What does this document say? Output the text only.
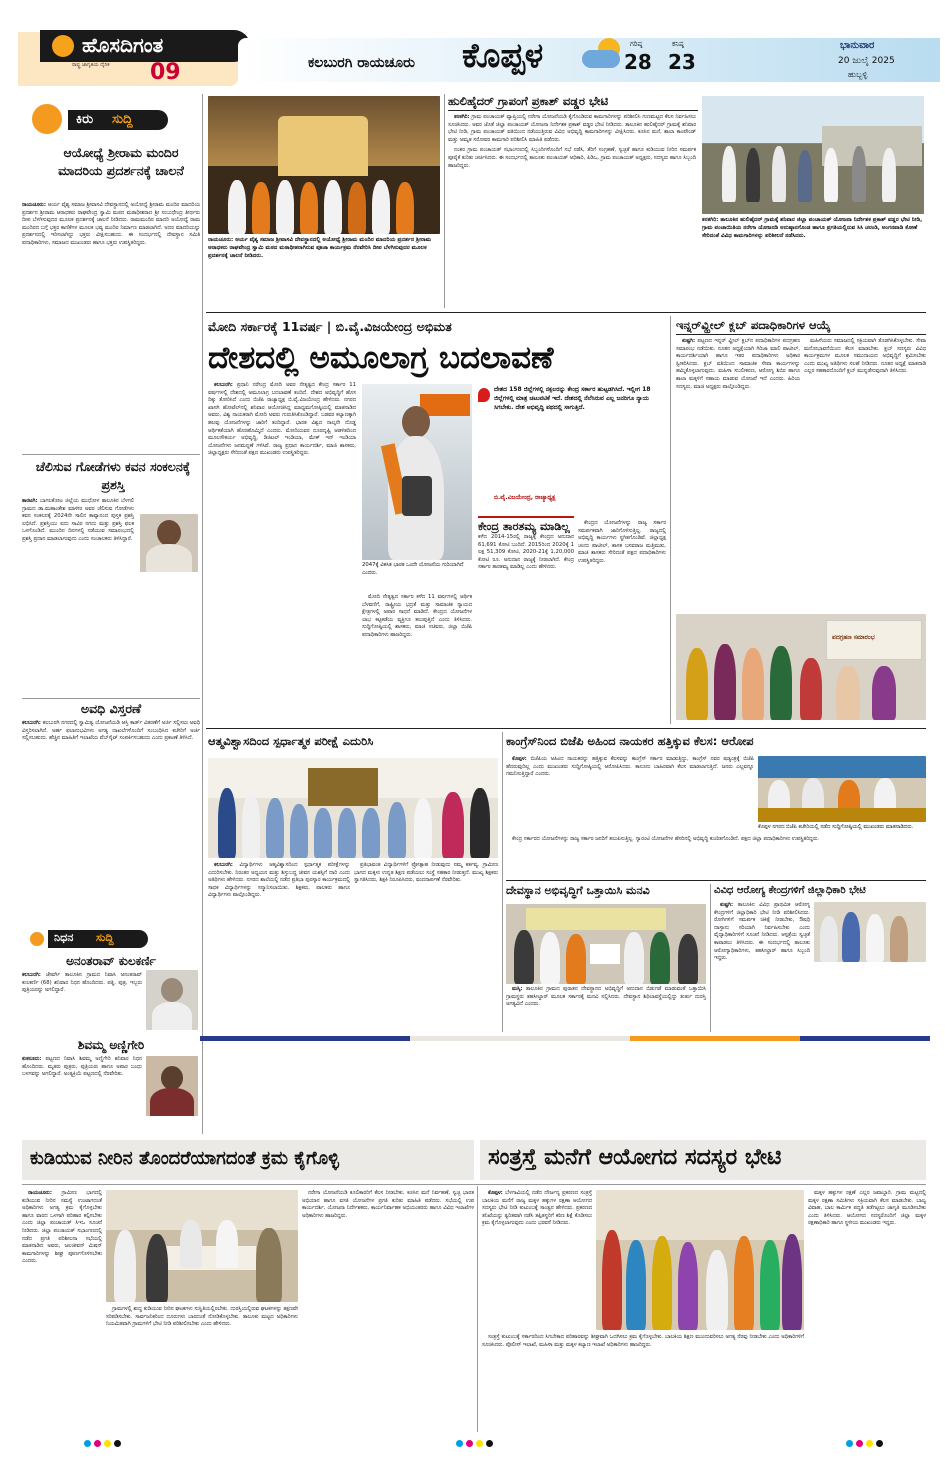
ಹೊಸದಿಗಂತ
ರಾಷ್ಟ್ರ ಜಾಗೃತಿಯ ದೈನಿಕ 09	ಕಲಬುರಗಿ ರಾಯಚೂರು ಕೊಪ್ಪಳ	ಗರಿಷ್ಠ
28
ಕನಿಷ್ಠ
23
ಭಾನುವಾರ
20 ಜುಲೈ 2025
ಹುಬ್ಬಳ್ಳಿ
ಕಿರು ಸುದ್ದಿ
ಆಯೋಧ್ಯೆ ಶ್ರೀರಾಮ ಮಂದಿರ ಮಾದರಿಯ ಪ್ರದರ್ಶನಕ್ಕೆ ಚಾಲನೆ
ರಾಯಚೂರು: ಆರ್ಯ ವೈಶ್ಯ ಸಮಾಜ ಶ್ರೀವಾಸವಿ ದೇವಸ್ಥಾನದಲ್ಲಿ ಅಯೋಧ್ಯೆ ಶ್ರೀರಾಮ ಮಂದಿರ ಮಾದರಿಯ ಪ್ರದರ್ಶನ ಶ್ರೀರಾಮ ಆರಾಧಕರು ರಾಘವೇಂದ್ರ ಸ್ವಾಮಿ ಮಠದ ಮಠಾಧೀಶರಾದ ಶ್ರೀ ಸುಬುಧೇಂದ್ರ ತೀರ್ಥರು ದೀಪ ಬೆಳಗಿಸುವುದರ ಮೂಲಕ ಪ್ರದರ್ಶನಕ್ಕೆ ಚಾಲನೆ ನೀಡಿದರು. ರಾಮಮಂದಿರ ಮಾದರಿ ಅಯೋಧ್ಯೆ ರಾಮ ಮಂದಿರದ ಬಗ್ಗೆ ಭಕ್ತರ ಕಾಣಿಕೆಗಳ ಮೂಲಕ ಭವ್ಯ ಮಂದಿರ ನಿರ್ಮಾಣ ಮಾಡಲಾಗಿದೆ. ಅದರ ಮಾದರಿಯನ್ನು ಪ್ರದರ್ಶನದಲ್ಲಿ ಇರಿಸಲಾಗಿದ್ದು ಭಕ್ತರು ವೀಕ್ಷಿಸಬಹುದು. ಈ ಸಂದರ್ಭದಲ್ಲಿ ದೇವಸ್ಥಾನ ಸಮಿತಿ ಪದಾಧಿಕಾರಿಗಳು, ಸಮಾಜದ ಮುಖಂಡರು ಹಾಗೂ ಭಕ್ತರು ಉಪಸ್ಥಿತರಿದ್ದರು.
ಚೆಲಿಸುವ ಗೋಡೆಗಳು ಕವನ ಸಂಕಲನಕ್ಕೆ ಪ್ರಶಸ್ತಿ
ಕಾರಟಗಿ: ಬಾಗಲಕೋಟ ಜಿಲ್ಲೆಯ ಮುಧೋಳ ತಾಲೂಕಿನ ಬೆಳಗಲಿ ಗ್ರಾಮದ ಡಾ.ಮಹಾಂತೇಶ ಮಾಳೀರ ಅವರ ಚೆಲಿಸುವ ಗೋಡೆಗಳು ಕವನ ಸಂಕಲನಕ್ಕೆ 2024ನೇ ಸಾಲಿನ ಕಾವ್ಯಾನಂದ ಪುಸ್ತಕ ಪ್ರಶಸ್ತಿ ಲಭಿಸಿದೆ. ಪ್ರಶಸ್ತಿಯು ಐದು ಸಾವಿರ ನಗದು ಮತ್ತು ಪ್ರಶಸ್ತಿ ಫಲಕ ಒಳಗೊಂಡಿದೆ. ಮುಂದಿನ ದಿನಗಳಲ್ಲಿ ನಡೆಯುವ ಸಮಾರಂಭದಲ್ಲಿ ಪ್ರಶಸ್ತಿ ಪ್ರದಾನ ಮಾಡಲಾಗುವುದು ಎಂದು ಸಂಚಾಲಕರು ತಿಳಿಸಿದ್ದಾರೆ.
ಅವಧಿ ವಿಸ್ತರಣೆ
ಕಲಬುರಗಿ: ಕಲಬುರಗಿ ನಗರದಲ್ಲಿ ಸ್ವಾಮಿತ್ವ ಯೋಜನೆಯಡಿ ಆಸ್ತಿ ಕಾರ್ಡ್ ವಿತರಣೆಗೆ ಅರ್ಜಿ ಸಲ್ಲಿಸಲು ಅವಧಿ ವಿಸ್ತರಿಸಲಾಗಿದೆ. ಅರ್ಹ ಫಲಾನುಭವಿಗಳು ಅಗತ್ಯ ದಾಖಲೆಗಳೊಂದಿಗೆ ಸಂಬಂಧಿಸಿದ ಕಚೇರಿಗೆ ಅರ್ಜಿ ಸಲ್ಲಿಸಬಹುದು. ಹೆಚ್ಚಿನ ಮಾಹಿತಿಗೆ ಇಲಾಖೆಯ ವೆಬ್‌ಸೈಟ್ ಸಂಪರ್ಕಿಸಬಹುದು ಎಂದು ಪ್ರಕಟಣೆ ತಿಳಿಸಿದೆ.
ನಿಧನ ಸುದ್ದಿ
ಅನಂತರಾವ್ ಕುಲಕರ್ಣಿ
ಕಲಬುರಗಿ: ಜೇವರ್ಗಿ ತಾಲೂಕಿನ ಗ್ರಾಮದ ನಿವಾಸಿ ಅನಂತರಾವ್ ಕುಲಕರ್ಣಿ (68) ಶನಿವಾರ ನಿಧನ ಹೊಂದಿದರು. ಪತ್ನಿ, ಪುತ್ರ, ಇಬ್ಬರು ಪುತ್ರಿಯರನ್ನು ಅಗಲಿದ್ದಾರೆ.
ಶಿವಮ್ಮ ಅಣ್ಣಿಗೇರಿ
ಕುಕನೂರು: ಪಟ್ಟಣದ ನಿವಾಸಿ ಶಿವಮ್ಮ ಅಣ್ಣಿಗೇರಿ ಶನಿವಾರ ನಿಧನ ಹೊಂದಿದರು. ಮೃತರು ಪುತ್ರರು, ಪುತ್ರಿಯರು ಹಾಗೂ ಅಪಾರ ಬಂಧು ಬಳಗವನ್ನು ಅಗಲಿದ್ದಾರೆ. ಅಂತ್ಯಕ್ರಿಯೆ ಪಟ್ಟಣದಲ್ಲಿ ನೆರವೇರಿತು.
ರಾಯಚೂರು: ಆರ್ಯ ವೈಶ್ಯ ಸಮಾಜ ಶ್ರೀವಾಸವಿ ದೇವಸ್ಥಾನದಲ್ಲಿ ಅಯೋಧ್ಯೆ ಶ್ರೀರಾಮ ಮಂದಿರ ಮಾದರಿಯ ಪ್ರದರ್ಶನ ಶ್ರೀರಾಮ ಆರಾಧಕರು ರಾಘವೇಂದ್ರ ಸ್ವಾಮಿ ಮಠದ ಮಠಾಧೀಶರಾಗಿರುವ ಪೂಜಾ ಕಾರ್ಯಕ್ರಮ ನೆರವೇರಿಸಿ ದೀಪ ಬೆಳಗಿಸುವುದರ ಮೂಲಕ ಪ್ರದರ್ಶನಕ್ಕೆ ಚಾಲನೆ ನೀಡಿದರು.
ಹುಲಿಹೈದರ್ ಗ್ರಾಪಂಗೆ ಪ್ರಕಾಶ್ ವಡ್ಡರ ಭೇಟಿ

ಕನಕಗಿರಿ: ಗ್ರಾಮ ಪಂಚಾಯತ್ ವ್ಯಾಪ್ತಿಯಲ್ಲಿ ನರೇಗಾ ಯೋಜನೆಯಡಿ ಕೈಗೊಂಡಿರುವ ಕಾಮಗಾರಿಗಳನ್ನು ಪರಿಶೀಲಿಸಿ ಗುಣಮಟ್ಟದ ಕೆಲಸ ನಿರ್ವಹಿಸಲು ಸೂಚಿಸಿದರು. ಅವರ ಜೊತೆ ಜಿಲ್ಲಾ ಪಂಚಾಯತ್ ಯೋಜನಾ ನಿರ್ದೇಶಕ ಪ್ರಕಾಶ್ ವಡ್ಡರ ಭೇಟಿ ನೀಡಿದರು. ತಾಲೂಕಿನ ಹುಲಿಹೈದರ್ ಗ್ರಾಮಕ್ಕೆ ಶನಿವಾರ ಭೇಟಿ ನೀಡಿ, ಗ್ರಾಮ ಪಂಚಾಯತ್ ವತಿಯಿಂದ ನಡೆಯುತ್ತಿರುವ ವಿವಿಧ ಅಭಿವೃದ್ಧಿ ಕಾಮಗಾರಿಗಳನ್ನು ವೀಕ್ಷಿಸಿದರು. ಕೂಸಿನ ಮನೆ, ಶಾಲಾ ಕಾಂಪೌಂಡ್ ಮತ್ತು ಅಮೃತ ಸರೋವರ ಕಾಮಗಾರಿ ಪರಿಶೀಲಿಸಿ ಮಾಹಿತಿ ಪಡೆದರು.

ನಂತರ ಗ್ರಾಮ ಪಂಚಾಯತ್ ಸಭಾಂಗಣದಲ್ಲಿ ಸಿಬ್ಬಂದಿಗಳೊಂದಿಗೆ ಸಭೆ ನಡೆಸಿ, ತೆರಿಗೆ ಸಂಗ್ರಹಣೆ, ಸ್ವಚ್ಛತೆ ಹಾಗೂ ಕುಡಿಯುವ ನೀರಿನ ಸಮರ್ಪಕ ಪೂರೈಕೆ ಕುರಿತು ಚರ್ಚಿಸಿದರು. ಈ ಸಂದರ್ಭದಲ್ಲಿ ತಾಲೂಕು ಪಂಚಾಯತ್ ಅಧಿಕಾರಿ, ಪಿಡಿಒ, ಗ್ರಾಮ ಪಂಚಾಯತ್ ಅಧ್ಯಕ್ಷರು, ಸದಸ್ಯರು ಹಾಗೂ ಸಿಬ್ಬಂದಿ ಹಾಜರಿದ್ದರು.

ಕನಕಗಿರಿ: ತಾಲೂಕಿನ ಹುಲಿಹೈದರ್ ಗ್ರಾಮಕ್ಕೆ ಶನಿವಾರ ಜಿಲ್ಲಾ ಪಂಚಾಯತ್ ಯೋಜನಾ ನಿರ್ದೇಶಕ ಪ್ರಕಾಶ್ ವಡ್ಡರ ಭೇಟಿ ನೀಡಿ, ಗ್ರಾಮ ಪಂಚಾಯಿತಿಯ ನರೇಗಾ ಯೋಜನಡಿ ಅನುಷ್ಠಾನಗೊಂಡ ಹಾಗೂ ಪ್ರಗತಿಯಲ್ಲಿರುವ ಸಿಸಿ ಚರಂಡಿ, ಅಂಗನವಾಡಿ ಕೋಣೆ ಸೇರಿದಂತೆ ವಿವಿಧ ಕಾಮಗಾರಿಗಳನ್ನು ಪರಿಶೀಲನೆ ನಡೆಸಿದರು.
ಮೋದಿ ಸರ್ಕಾರಕ್ಕೆ 11ವರ್ಷ | ಬಿ.ವೈ.ವಿಜಯೇಂದ್ರ ಅಭಿಮತ
ದೇಶದಲ್ಲಿ ಅಮೂಲಾಗ್ರ ಬದಲಾವಣೆ

ಕಲಬುರಗಿ: ಪ್ರಧಾನಿ ನರೇಂದ್ರ ಮೋದಿ ಅವರ ನೇತೃತ್ವದ ಕೇಂದ್ರ ಸರ್ಕಾರ 11 ವರ್ಷಗಳಲ್ಲಿ ದೇಶದಲ್ಲಿ ಅಮೂಲಾಗ್ರ ಬದಲಾವಣೆ ತಂದಿದೆ. ದೇಶದ ಅಭಿವೃದ್ಧಿಗೆ ಹೊಸ ದಿಕ್ಕು ತೋರಿಸಿದೆ ಎಂದು ಬಿಜೆಪಿ ರಾಜ್ಯಾಧ್ಯಕ್ಷ ಬಿ.ವೈ.ವಿಜಯೇಂದ್ರ ಹೇಳಿದರು. ನಗರದ ಖಾಸಗಿ ಹೋಟೆಲ್‌ನಲ್ಲಿ ಶನಿವಾರ ಆಯೋಜಿಸಿದ್ದ ಮಾಧ್ಯಮಗೋಷ್ಠಿಯಲ್ಲಿ ಮಾತನಾಡಿದ ಅವರು, ವಿಶ್ವ ನಾಯಕರಾಗಿ ಮೋದಿ ಅವರು ಗುರುತಿಸಿಕೊಂಡಿದ್ದಾರೆ. ಬಡವರ ಕಲ್ಯಾಣಕ್ಕಾಗಿ ಹಲವು ಯೋಜನೆಗಳನ್ನು ಜಾರಿಗೆ ತಂದಿದ್ದಾರೆ. ಭಾರತ ವಿಶ್ವದ ನಾಲ್ಕನೇ ದೊಡ್ಡ ಆರ್ಥಿಕತೆಯಾಗಿ ಹೊರಹೊಮ್ಮಿದೆ ಎಂದರು. ಮೋದಿಯವರ ದೂರದೃಷ್ಟಿ ಆಡಳಿತದಿಂದ ಮೂಲಸೌಕರ್ಯ ಅಭಿವೃದ್ಧಿ, ಡಿಜಿಟಲ್ ಇಂಡಿಯಾ, ಮೇಕ್ ಇನ್ ಇಂಡಿಯಾ ಯೋಜನೆಗಳು ಜನಮನ್ನಣೆ ಗಳಿಸಿವೆ. ರಾಜ್ಯ ಪ್ರಧಾನ ಕಾರ್ಯದರ್ಶಿ, ಮಾಜಿ ಶಾಸಕರು, ಜಿಲ್ಲಾಧ್ಯಕ್ಷರು ಸೇರಿದಂತೆ ಪಕ್ಷದ ಮುಖಂಡರು ಉಪಸ್ಥಿತರಿದ್ದರು.

2047ಕ್ಕೆ ವಿಕಸಿತ ಭಾರತ ಒಂದೇ ಯೋಜನೆಯ ಗುರಿಯಾಗಿದೆ ಎಂದರು.

ಮೋದಿ ನೇತೃತ್ವದ ಸರ್ಕಾರ ಕಳೆದ 11 ವರ್ಷಗಳಲ್ಲಿ ಆರ್ಥಿಕ ಬೆಳವಣಿಗೆ, ರಾಷ್ಟ್ರೀಯ ಭದ್ರತೆ ಮತ್ತು ಸಾಮಾಜಿಕ ನ್ಯಾಯದ ಕ್ಷೇತ್ರಗಳಲ್ಲಿ ಅಪಾರ ಸಾಧನೆ ಮಾಡಿದೆ. ಕೇಂದ್ರದ ಯೋಜನೆಗಳ ಲಾಭ ಕಟ್ಟಕಡೆಯ ವ್ಯಕ್ತಿಗೂ ತಲುಪುತ್ತಿದೆ ಎಂದು ತಿಳಿಸಿದರು. ಸುದ್ದಿಗೋಷ್ಠಿಯಲ್ಲಿ ಶಾಸಕರು, ಮಾಜಿ ಸಚಿವರು, ಜಿಲ್ಲಾ ಬಿಜೆಪಿ ಪದಾಧಿಕಾರಿಗಳು ಹಾಜರಿದ್ದರು.

ದೇಶದ 158 ಜಿಲ್ಲೆಗಳಲ್ಲಿ ನಕ್ಸಲರನ್ನು ಕೇಂದ್ರ ಸರ್ಕಾರ ಹುಟ್ಟಡಗಿಸಿದೆ. ಇಲ್ಲೀಗ 18 ಜಿಲ್ಲೆಗಳಲ್ಲಿ ಮಾತ್ರ ಚಟುವಟಿಕೆ ಇದೆ. ದೇಶದಲ್ಲಿ ನೆಲೆಸಿರುವ ಎಲ್ಲ ಜನರಿಗೂ ನ್ಯಾಯ ಸಿಗಬೇಕು. ದೇಶ ಅಭಿವೃದ್ಧಿ ಪಥದಲ್ಲಿ ಸಾಗುತ್ತಿದೆ.
ಬಿ.ವೈ.ವಿಜಯೇಂದ್ರ, ರಾಜ್ಯಾಧ್ಯಕ್ಷ
ಕೇಂದ್ರ ತಾರತಮ್ಯ ಮಾಡಿಲ್ಲ
ಕಳೆದ 2014-15ರಲ್ಲಿ ರಾಜ್ಯಕ್ಕೆ ಕೇಂದ್ರದ ಅನುದಾನ 61,691 ಕೋಟಿ ಬಂದಿದೆ. 2015ರಿಂದ 2020ಕ್ಕೆ 1 ಲಕ್ಷ 51,309 ಕೋಟಿ, 2020-21ಕ್ಕೆ 1,20,000 ಕೋಟಿ ರೂ. ಅನುದಾನ ರಾಜ್ಯಕ್ಕೆ ನೀಡಲಾಗಿದೆ. ಕೇಂದ್ರ ಸರ್ಕಾರ ತಾರತಮ್ಯ ಮಾಡಿಲ್ಲ ಎಂದು ಹೇಳಿದರು.

ಕೇಂದ್ರದ ಯೋಜನೆಗಳನ್ನು ರಾಜ್ಯ ಸರ್ಕಾರ ಸಮರ್ಪಕವಾಗಿ ಜಾರಿಗೊಳಿಸುತ್ತಿಲ್ಲ. ರಾಜ್ಯದಲ್ಲಿ ಅಭಿವೃದ್ಧಿ ಕಾರ್ಯಗಳು ಸ್ಥಗಿತಗೊಂಡಿವೆ. ಜಿಲ್ಲಾಧ್ಯಕ್ಷ ಚಂದು ಪಾಟೀಲ್, ಶಾಸಕ ಬಸವರಾಜ ಮತ್ತಿಮಡು, ಮಾಜಿ ಶಾಸಕರು ಸೇರಿದಂತೆ ಪಕ್ಷದ ಪದಾಧಿಕಾರಿಗಳು ಉಪಸ್ಥಿತರಿದ್ದರು.

ಇನ್ನರ್‌ವ್ಹೀಲ್ ಕ್ಲಬ್ ಪದಾಧಿಕಾರಿಗಳ ಆಯ್ಕೆ

ಕುಷ್ಟಗಿ: ಪಟ್ಟಣದ ಇನ್ನರ್ ವ್ಹೀಲ್ ಕ್ಲಬ್‌ನ ಪದಾಧಿಕಾರಿಗಳ ಪದಗ್ರಹಣ ಸಮಾರಂಭ ನಡೆಯಿತು. ನೂತನ ಅಧ್ಯಕ್ಷೆಯಾಗಿ ಗಿರಿಜಾ ಮಾಲಿ ಪಾಟೀಲ್, ಕಾರ್ಯದರ್ಶಿಯಾಗಿ ಹಾಗೂ ಇತರ ಪದಾಧಿಕಾರಿಗಳು ಅಧಿಕಾರ ಸ್ವೀಕರಿಸಿದರು. ಕ್ಲಬ್ ವತಿಯಿಂದ ಸಾಮಾಜಿಕ ಸೇವಾ ಕಾರ್ಯಗಳನ್ನು ಹಮ್ಮಿಕೊಳ್ಳಲಾಗುವುದು. ಮಹಿಳಾ ಸಬಲೀಕರಣ, ಆರೋಗ್ಯ ಶಿಬಿರ ಹಾಗೂ ಶಾಲಾ ಮಕ್ಕಳಿಗೆ ಸಹಾಯ ಮಾಡುವ ಯೋಜನೆ ಇದೆ ಎಂದರು. ಹಿರಿಯ ಸದಸ್ಯರು, ಮಾಜಿ ಅಧ್ಯಕ್ಷರು ಪಾಲ್ಗೊಂಡಿದ್ದರು.

ಮಹಿಳೆಯರು ಸಮಾಜದಲ್ಲಿ ಸಕ್ರಿಯವಾಗಿ ತೊಡಗಿಸಿಕೊಳ್ಳಬೇಕು. ಸೇವಾ ಮನೋಭಾವನೆಯಿಂದ ಕೆಲಸ ಮಾಡಬೇಕು. ಕ್ಲಬ್ ಸದಸ್ಯರು ವಿವಿಧ ಕಾರ್ಯಕ್ರಮಗಳ ಮೂಲಕ ಸಮುದಾಯದ ಅಭಿವೃದ್ಧಿಗೆ ಶ್ರಮಿಸಬೇಕು ಎಂದು ಮುಖ್ಯ ಅತಿಥಿಗಳು ಸಲಹೆ ನೀಡಿದರು. ನೂತನ ಅಧ್ಯಕ್ಷೆ ಮಾತನಾಡಿ ಎಲ್ಲರ ಸಹಕಾರದೊಂದಿಗೆ ಕ್ಲಬ್ ಮುನ್ನಡೆಸುವುದಾಗಿ ತಿಳಿಸಿದರು.

ಪದಗ್ರಹಣ ಸಮಾರಂಭ
ಆತ್ಮವಿಶ್ವಾಸದಿಂದ ಸ್ಪರ್ಧಾತ್ಮಕ ಪರೀಕ್ಷೆ ಎದುರಿಸಿ

ಕಲಬುರಗಿ: ವಿದ್ಯಾರ್ಥಿಗಳು ಆತ್ಮವಿಶ್ವಾಸದಿಂದ ಸ್ಪರ್ಧಾತ್ಮಕ ಪರೀಕ್ಷೆಗಳನ್ನು ಎದುರಿಸಬೇಕು. ನಿರಂತರ ಅಧ್ಯಯನ ಮತ್ತು ಶಿಸ್ತುಬದ್ಧ ಜೀವನ ಯಶಸ್ಸಿಗೆ ದಾರಿ ಎಂದು ಅತಿಥಿಗಳು ಹೇಳಿದರು. ನಗರದ ಶಾಲೆಯಲ್ಲಿ ನಡೆದ ಪ್ರತಿಭಾ ಪುರಸ್ಕಾರ ಕಾರ್ಯಕ್ರಮದಲ್ಲಿ ಸಾಧಕ ವಿದ್ಯಾರ್ಥಿಗಳನ್ನು ಸನ್ಮಾನಿಸಲಾಯಿತು. ಶಿಕ್ಷಕರು, ಪಾಲಕರು ಹಾಗೂ ವಿದ್ಯಾರ್ಥಿಗಳು ಪಾಲ್ಗೊಂಡಿದ್ದರು.

ಪ್ರತಿಭಾವಂತ ವಿದ್ಯಾರ್ಥಿಗಳಿಗೆ ಪ್ರೋತ್ಸಾಹ ನೀಡುವುದು ನಮ್ಮ ಕರ್ತವ್ಯ. ಗ್ರಾಮೀಣ ಭಾಗದ ಮಕ್ಕಳು ಉನ್ನತ ಶಿಕ್ಷಣ ಪಡೆಯಲು ಸಂಸ್ಥೆ ಸಹಕಾರ ನೀಡುತ್ತದೆ. ಮುಖ್ಯ ಶಿಕ್ಷಕರು ಸ್ವಾಗತಿಸಿದರು, ಶಿಕ್ಷಕಿ ನಿರೂಪಿಸಿದರು, ವಂದನಾರ್ಪಣೆ ನೆರವೇರಿತು.

ಕಾಂಗ್ರೆಸ್‌ನಿಂದ ಬಿಜೆಪಿ ಅಹಿಂದ ನಾಯಕರ ಹತ್ತಿಕ್ಕುವ ಕೆಲಸ: ಆರೋಪ

ಕೊಪ್ಪಳ: ಬಿಜೆಪಿಯ ಅಹಿಂದ ನಾಯಕರನ್ನು ಹತ್ತಿಕ್ಕುವ ಕೆಲಸವನ್ನು ಕಾಂಗ್ರೆಸ್ ಸರ್ಕಾರ ಮಾಡುತ್ತಿದ್ದು, ಕಾಂಗ್ರೆಸ್ ನವರ ಷಡ್ಯಂತ್ರಕ್ಕೆ ಬಿಜೆಪಿ ಹೆದರುವುದಿಲ್ಲ ಎಂದು ಮುಖಂಡರು ಸುದ್ದಿಗೋಷ್ಠಿಯಲ್ಲಿ ಆರೋಪಿಸಿದರು. ಕಾನೂನು ಬಾಹಿರವಾಗಿ ಕೆಲಸ ಮಾಡಲಾಗುತ್ತಿದೆ. ಜನರು ಎಲ್ಲವನ್ನೂ ಗಮನಿಸುತ್ತಿದ್ದಾರೆ ಎಂದರು.

ಕೊಪ್ಪಳ ನಗರದ ಬಿಜೆಪಿ ಕಚೇರಿಯಲ್ಲಿ ನಡೆದ ಸುದ್ದಿಗೋಷ್ಠಿಯಲ್ಲಿ ಮುಖಂಡರು ಮಾತನಾಡಿದರು.

ಕೇಂದ್ರ ಸರ್ಕಾರದ ಯೋಜನೆಗಳನ್ನು ರಾಜ್ಯ ಸರ್ಕಾರ ಜನರಿಗೆ ತಲುಪಿಸುತ್ತಿಲ್ಲ. ಗ್ಯಾರಂಟಿ ಯೋಜನೆಗಳ ಹೆಸರಿನಲ್ಲಿ ಅಭಿವೃದ್ಧಿ ಕುಂಠಿತಗೊಂಡಿದೆ. ಪಕ್ಷದ ಜಿಲ್ಲಾ ಪದಾಧಿಕಾರಿಗಳು ಉಪಸ್ಥಿತರಿದ್ದರು.

ದೇವಸ್ಥಾನ ಅಭಿವೃದ್ಧಿಗೆ ಒತ್ತಾಯಿಸಿ ಮನವಿ

ಮಸ್ಕಿ: ತಾಲೂಕಿನ ಗ್ರಾಮದ ಪುರಾತನ ದೇವಸ್ಥಾನದ ಅಭಿವೃದ್ಧಿಗೆ ಅನುದಾನ ಬಿಡುಗಡೆ ಮಾಡುವಂತೆ ಒತ್ತಾಯಿಸಿ ಗ್ರಾಮಸ್ಥರು ತಹಸೀಲ್ದಾರ್ ಮೂಲಕ ಸರ್ಕಾರಕ್ಕೆ ಮನವಿ ಸಲ್ಲಿಸಿದರು. ದೇವಸ್ಥಾನ ಶಿಥಿಲಾವಸ್ಥೆಯಲ್ಲಿದ್ದು ತುರ್ತು ದುರಸ್ತಿ ಅಗತ್ಯವಿದೆ ಎಂದರು.

ವಿವಿಧ ಆರೋಗ್ಯ ಕೇಂದ್ರಗಳಿಗೆ ಜಿಲ್ಲಾಧಿಕಾರಿ ಭೇಟಿ

ಕುಷ್ಟಗಿ: ತಾಲೂಕಿನ ವಿವಿಧ ಪ್ರಾಥಮಿಕ ಆರೋಗ್ಯ ಕೇಂದ್ರಗಳಿಗೆ ಜಿಲ್ಲಾಧಿಕಾರಿ ಭೇಟಿ ನೀಡಿ ಪರಿಶೀಲಿಸಿದರು. ರೋಗಿಗಳಿಗೆ ಸಮರ್ಪಕ ಚಿಕಿತ್ಸೆ ನೀಡಬೇಕು, ಔಷಧಿ ದಾಸ್ತಾನು ಸರಿಯಾಗಿ ನಿರ್ವಹಿಸಬೇಕು ಎಂದು ವೈದ್ಯಾಧಿಕಾರಿಗಳಿಗೆ ಸೂಚನೆ ನೀಡಿದರು. ಆಸ್ಪತ್ರೆಯ ಸ್ವಚ್ಛತೆ ಕಾಪಾಡಲು ತಿಳಿಸಿದರು. ಈ ಸಂದರ್ಭದಲ್ಲಿ ತಾಲೂಕು ಆರೋಗ್ಯಾಧಿಕಾರಿಗಳು, ತಹಸೀಲ್ದಾರ್ ಹಾಗೂ ಸಿಬ್ಬಂದಿ ಇದ್ದರು.

ಕುಡಿಯುವ ನೀರಿನ ತೊಂದರೆಯಾಗದಂತೆ ಕ್ರಮ ಕೈಗೊಳ್ಳಿ	ಸಂತ್ರಸ್ತೆ ಮನೆಗೆ ಆಯೋಗದ ಸದಸ್ಯರ ಭೇಟಿ

ರಾಯಚೂರು: ಗ್ರಾಮೀಣ ಭಾಗದಲ್ಲಿ ಕುಡಿಯುವ ನೀರಿನ ಸಮಸ್ಯೆ ಉಂಟಾಗದಂತೆ ಅಧಿಕಾರಿಗಳು ಅಗತ್ಯ ಕ್ರಮ ಕೈಗೊಳ್ಳಬೇಕು ಹಾಗೂ ವಾರದ ಒಳಗಾಗಿ ಪರಿಹಾರ ಕಲ್ಪಿಸಬೇಕು ಎಂದು ಜಿಲ್ಲಾ ಪಂಚಾಯತ್ ಸಿಇಒ ಸೂಚನೆ ನೀಡಿದರು. ಜಿಲ್ಲಾ ಪಂಚಾಯತ್ ಸಭಾಂಗಣದಲ್ಲಿ ನಡೆದ ಪ್ರಗತಿ ಪರಿಶೀಲನಾ ಸಭೆಯಲ್ಲಿ ಮಾತನಾಡಿದ ಅವರು, ಜಲಜೀವನ್ ಮಿಷನ್ ಕಾಮಗಾರಿಗಳನ್ನು ಶೀಘ್ರ ಪೂರ್ಣಗೊಳಿಸಬೇಕು ಎಂದರು.

ಗ್ರಾಮಗಳಲ್ಲಿ ಶುದ್ಧ ಕುಡಿಯುವ ನೀರಿನ ಘಟಕಗಳು ಸುಸ್ಥಿತಿಯಲ್ಲಿರಬೇಕು. ದುರಸ್ತಿಯಲ್ಲಿರುವ ಘಟಕಗಳನ್ನು ತಕ್ಷಣವೇ ಸರಿಪಡಿಸಬೇಕು. ಸಾರ್ವಜನಿಕರಿಂದ ದೂರುಗಳು ಬಾರದಂತೆ ನೋಡಿಕೊಳ್ಳಬೇಕು. ತಾಲೂಕು ಮಟ್ಟದ ಅಧಿಕಾರಿಗಳು ನಿಯಮಿತವಾಗಿ ಗ್ರಾಮಗಳಿಗೆ ಭೇಟಿ ನೀಡಿ ಪರಿಶೀಲಿಸಬೇಕು ಎಂದು ಹೇಳಿದರು.

ನರೇಗಾ ಯೋಜನೆಯಡಿ ಕೂಲಿಕಾರರಿಗೆ ಕೆಲಸ ನೀಡಬೇಕು. ಕೂಸಿನ ಮನೆ ನಿರ್ವಹಣೆ, ಸ್ವಚ್ಛ ಭಾರತ ಅಭಿಯಾನ ಹಾಗೂ ವಸತಿ ಯೋಜನೆಗಳ ಪ್ರಗತಿ ಕುರಿತು ಮಾಹಿತಿ ಪಡೆದರು. ಸಭೆಯಲ್ಲಿ ಉಪ ಕಾರ್ಯದರ್ಶಿ, ಯೋಜನಾ ನಿರ್ದೇಶಕರು, ಕಾರ್ಯನಿರ್ವಾಹಕ ಅಭಿಯಂತರರು ಹಾಗೂ ವಿವಿಧ ಇಲಾಖೆಗಳ ಅಧಿಕಾರಿಗಳು ಹಾಜರಿದ್ದರು.

ಕೊಪ್ಪಳ: ಬೆಳಗಾವಿಯಲ್ಲಿ ನಡೆದ ದೌರ್ಜನ್ಯ ಪ್ರಕರಣದ ಸಂತ್ರಸ್ತೆ ಬಾಲಕಿಯ ಮನೆಗೆ ರಾಜ್ಯ ಮಕ್ಕಳ ಹಕ್ಕುಗಳ ರಕ್ಷಣಾ ಆಯೋಗದ ಸದಸ್ಯರು ಭೇಟಿ ನೀಡಿ ಕುಟುಂಬಕ್ಕೆ ಸಾಂತ್ವನ ಹೇಳಿದರು. ಪ್ರಕರಣದ ತನಿಖೆಯನ್ನು ತ್ವರಿತವಾಗಿ ನಡೆಸಿ ತಪ್ಪಿತಸ್ಥರಿಗೆ ಕಠಿಣ ಶಿಕ್ಷೆ ಕೊಡಿಸಲು ಕ್ರಮ ಕೈಗೊಳ್ಳಲಾಗುವುದು ಎಂದು ಭರವಸೆ ನೀಡಿದರು.

ಮಕ್ಕಳ ಹಕ್ಕುಗಳ ರಕ್ಷಣೆ ಎಲ್ಲರ ಜವಾಬ್ದಾರಿ. ಗ್ರಾಮ ಮಟ್ಟದಲ್ಲಿ ಮಕ್ಕಳ ರಕ್ಷಣಾ ಸಮಿತಿಗಳು ಸಕ್ರಿಯವಾಗಿ ಕೆಲಸ ಮಾಡಬೇಕು. ಬಾಲ್ಯ ವಿವಾಹ, ಬಾಲ ಕಾರ್ಮಿಕ ಪದ್ಧತಿ ತಡೆಗಟ್ಟಲು ಜಾಗೃತಿ ಮೂಡಿಸಬೇಕು ಎಂದು ತಿಳಿಸಿದರು. ಆಯೋಗದ ಸದಸ್ಯರೊಂದಿಗೆ ಜಿಲ್ಲಾ ಮಕ್ಕಳ ರಕ್ಷಣಾಧಿಕಾರಿ ಹಾಗೂ ಸ್ಥಳೀಯ ಮುಖಂಡರು ಇದ್ದರು.

ಸಂತ್ರಸ್ತೆ ಕುಟುಂಬಕ್ಕೆ ಸರ್ಕಾರದಿಂದ ಸಿಗಬೇಕಾದ ಪರಿಹಾರವನ್ನು ಶೀಘ್ರವಾಗಿ ಒದಗಿಸಲು ಕ್ರಮ ಕೈಗೊಳ್ಳಬೇಕು. ಬಾಲಕಿಯ ಶಿಕ್ಷಣ ಮುಂದುವರಿಸಲು ಅಗತ್ಯ ನೆರವು ನೀಡಬೇಕು ಎಂದು ಅಧಿಕಾರಿಗಳಿಗೆ ಸೂಚಿಸಿದರು. ಪೊಲೀಸ್ ಇಲಾಖೆ, ಮಹಿಳಾ ಮತ್ತು ಮಕ್ಕಳ ಕಲ್ಯಾಣ ಇಲಾಖೆ ಅಧಿಕಾರಿಗಳು ಹಾಜರಿದ್ದರು.
